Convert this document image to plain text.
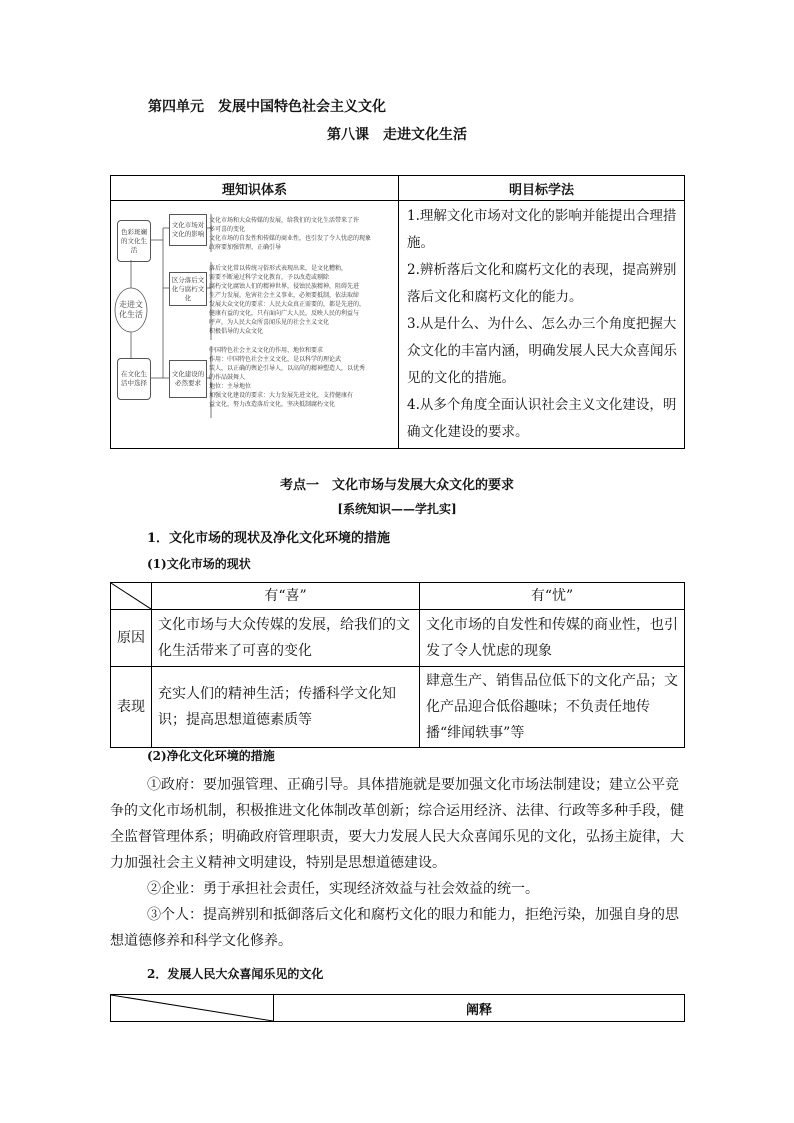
第四单元　发展中国特色社会主义文化
第八课　走进文化生活
理知识体系	明目标学法

	1.理解文化市场对文化的影响并能提出合理措施。

2.辨析落后文化和腐朽文化的表现，提高辨别落后文化和腐朽文化的能力。

3.从是什么、为什么、怎么办三个角度把握大众文化的丰富内涵，明确发展人民大众喜闻乐见的文化的措施。

4.从多个角度全面认识社会主义文化建设，明确文化建设的要求。

色彩斑斓的文化生活
走进文化生活
在文化生活中选择
文化市场对文化的影响
区分落后文化与腐朽文化
文化建设的必然要求
文化市场和大众传媒的发展，给我们的文化生活带来了许
多可喜的变化
文化市场的自发性和传媒的商业性，也引发了令人忧虑的现象
政府要加强管理、正确引导
落后文化常以传统习俗形式表现出来，是文化糟粕，
需要不断通过科学文化教育，予以改造或剔除
腐朽文化腐蚀人们的精神世界，侵蚀民族精神，阻碍先进
生产力发展，危害社会主义事业，必须要抵制，依法取缔
发展大众文化的要求：人民大众真正需要的，都是先进的，
健康有益的文化，只有面向广大人民，反映人民的利益与
呼声，为人民大众所喜闻乐见的社会主义文化
积极倡导的大众文化
中国特色社会主义文化的作用、地位和要求
作用：中国特色社会主义文化，是以科学的理论武
装人，以正确的舆论引导人，以高尚的精神塑造人，以优秀
的作品鼓舞人
地位：主导地位
加强文化建设的要求：大力发展先进文化，支持健康有
益文化，努力改造落后文化，坚决抵制腐朽文化
考点一　文化市场与发展大众文化的要求
[系统知识——学扎实]
1．文化市场的现状及净化文化环境的措施
(1)文化市场的现状
	有“喜”	有“忧”
原因	文化市场与大众传媒的发展，给我们的文化生活带来了可喜的变化	文化市场的自发性和传媒的商业性，也引发了令人忧虑的现象
表现	充实人们的精神生活；传播科学文化知识；提高思想道德素质等	肆意生产、销售品位低下的文化产品；文化产品迎合低俗趣味；不负责任地传播“绯闻轶事”等
(2)净化文化环境的措施

①政府：要加强管理、正确引导。具体措施就是要加强文化市场法制建设；建立公平竞争的文化市场机制，积极推进文化体制改革创新；综合运用经济、法律、行政等多种手段，健全监督管理体系；明确政府管理职责，要大力发展人民大众喜闻乐见的文化，弘扬主旋律，大力加强社会主义精神文明建设，特别是思想道德建设。

②企业：勇于承担社会责任，实现经济效益与社会效益的统一。

③个人：提高辨别和抵御落后文化和腐朽文化的眼力和能力，拒绝污染，加强自身的思想道德修养和科学文化修养。

2．发展人民大众喜闻乐见的文化
	阐释
